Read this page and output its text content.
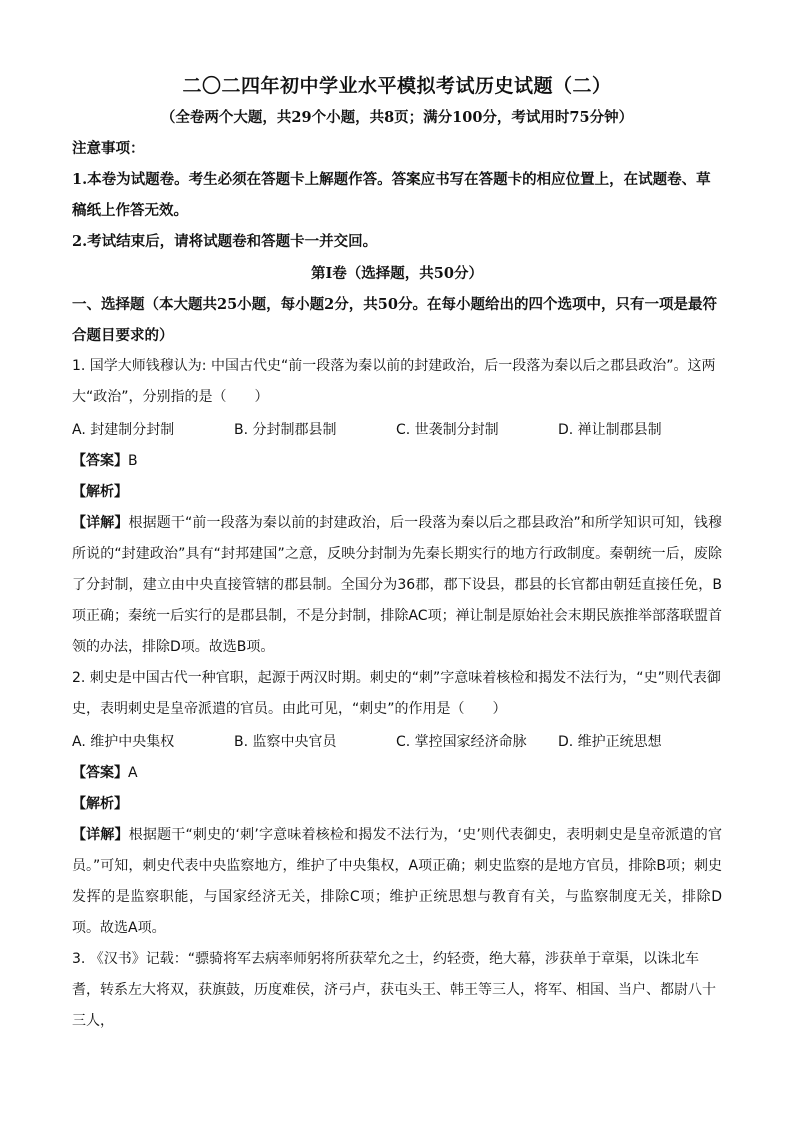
二〇二四年初中学业水平模拟考试历史试题（二）
（全卷两个大题，共29个小题，共8页；满分100分，考试用时75分钟）
注意事项：
1.本卷为试题卷。考生必须在答题卡上解题作答。答案应书写在答题卡的相应位置上，在试题卷、草稿纸上作答无效。
2.考试结束后，请将试题卷和答题卡一并交回。
第Ⅰ卷（选择题，共50分）
一、选择题（本大题共25小题，每小题2分，共50分。在每小题给出的四个选项中，只有一项是最符合题目要求的）
1. 国学大师钱穆认为: 中国古代史“前一段落为秦以前的封建政治，后一段落为秦以后之郡县政治”。这两大“政治”，分别指的是（　　）
A. 封建制分封制	B. 分封制郡县制	C. 世袭制分封制	D. 禅让制郡县制
【答案】B
【解析】
【详解】根据题干“前一段落为秦以前的封建政治，后一段落为秦以后之郡县政治”和所学知识可知，钱穆所说的“封建政治”具有“封邦建国”之意，反映分封制为先秦长期实行的地方行政制度。秦朝统一后，废除了分封制，建立由中央直接管辖的郡县制。全国分为36郡，郡下设县，郡县的长官都由朝廷直接任免，B项正确；秦统一后实行的是郡县制，不是分封制，排除AC项；禅让制是原始社会末期民族推举部落联盟首领的办法，排除D项。故选B项。
2. 刺史是中国古代一种官职，起源于两汉时期。刺史的“刺”字意味着核检和揭发不法行为，“史”则代表御史，表明刺史是皇帝派遣的官员。由此可见，“刺史”的作用是（　　）
A. 维护中央集权	B. 监察中央官员	C. 掌控国家经济命脉	D. 维护正统思想
【答案】A
【解析】
【详解】根据题干“刺史的‘刺’字意味着核检和揭发不法行为，‘史’则代表御史，表明刺史是皇帝派遣的官员。”可知，刺史代表中央监察地方，维护了中央集权，A项正确；刺史监察的是地方官员，排除B项；刺史发挥的是监察职能，与国家经济无关，排除C项；维护正统思想与教育有关，与监察制度无关，排除D项。故选A项。
3. 《汉书》记载：“骠骑将军去病率师躬将所获荤允之士，约轻赍，绝大幕，涉获单于章渠，以诛北车耆，转系左大将双，获旗鼓，历度难侯，济弓卢，获屯头王、韩王等三人，将军、相国、当户、都尉八十三人，
